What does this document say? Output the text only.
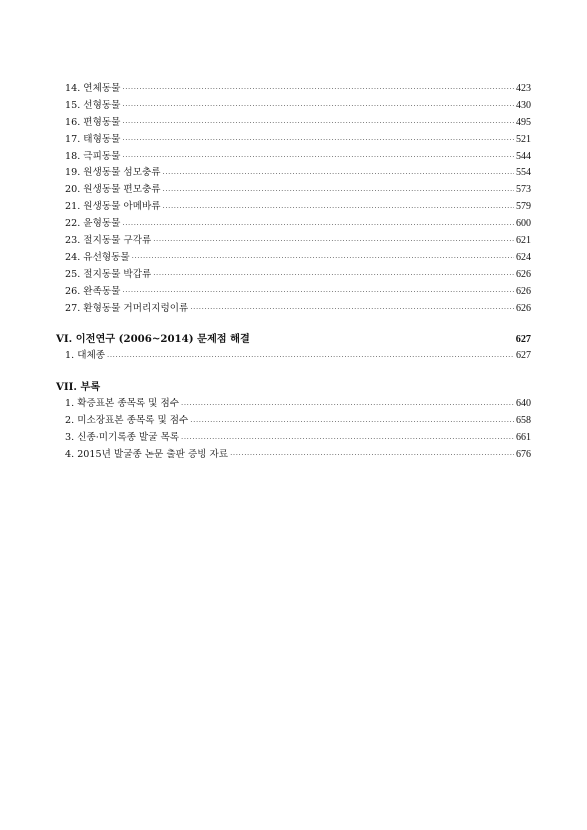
14. 연체동물 ·····	423
15. 선형동물 ·····	430
16. 편형동물 ·····	495
17. 태형동물 ·····	521
18. 극피동물 ·····	544
19. 원생동물 섬모충류 ·····	554
20. 원생동물 편모충류 ·····	573
21. 원생동물 아메바류 ·····	579
22. 윤형동물 ·····	600
23. 절지동물 구각류 ·····	621
24. 유선형동물 ·····	624
25. 절지동물 박갑류 ·····	626
26. 완족동물 ·····	626
27. 환형동물 거머리지렁이류 ·····	626
VI. 이전연구 (2006~2014) 문제점 해결	627
1. 대체종 ·····	627
VII. 부록
1. 확증표본 종목록 및 점수 ·····	640
2. 미소장표본 종목록 및 점수 ·····	658
3. 신종·미기록종 발굴 목록 ·····	661
4. 2015년 발굴종 논문 출판 증빙 자료 ·····	676
